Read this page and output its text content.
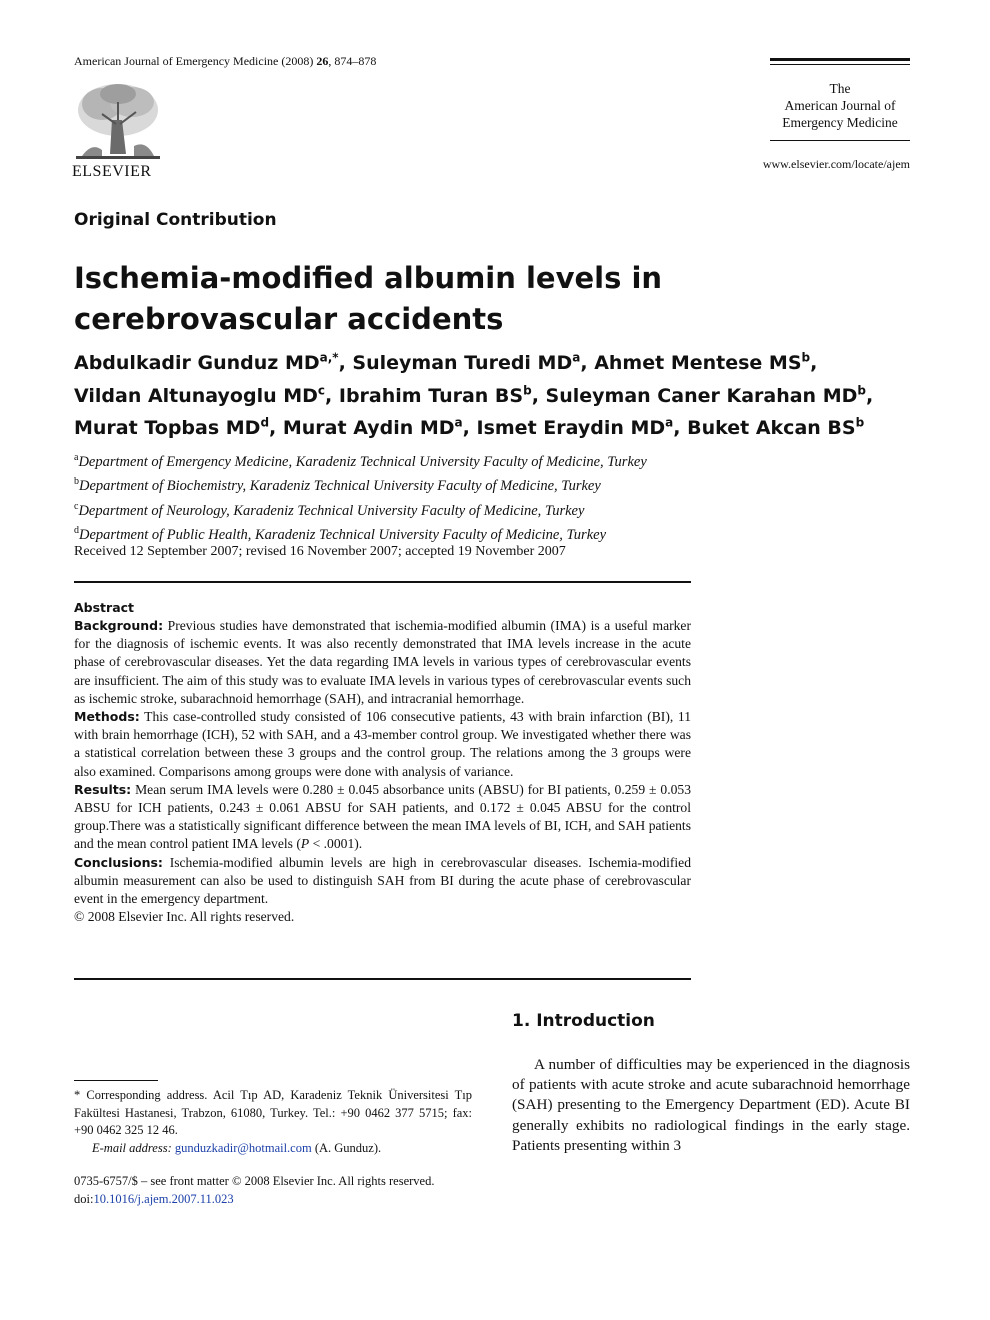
American Journal of Emergency Medicine (2008) 26, 874–878
ELSEVIER
The
American Journal of
Emergency Medicine
www.elsevier.com/locate/ajem
Original Contribution
Ischemia-modified albumin levels in
cerebrovascular accidents
Abdulkadir Gunduz $MD^{a,*}$, Suleyman Turedi $MD^a$, Ahmet Mentese $MS^b$,
Vildan Altunayoglu $MD^c$, Ibrahim Turan $BS^b$, Suleyman Caner Karahan $MD^b$,
Murat Topbas $MD^d$, Murat Aydin $MD^a$, Ismet Eraydin $MD^a$, Buket Akcan $BS^b$
$^a$Department of Emergency Medicine, Karadeniz Technical University Faculty of Medicine, Turkey
$^b$Department of Biochemistry, Karadeniz Technical University Faculty of Medicine, Turkey
$^c$Department of Neurology, Karadeniz Technical University Faculty of Medicine, Turkey
$^d$Department of Public Health, Karadeniz Technical University Faculty of Medicine, Turkey
Received 12 September 2007; revised 16 November 2007; accepted 19 November 2007
Abstract

Background: Previous studies have demonstrated that ischemia-modified albumin (IMA) is a useful marker for the diagnosis of ischemic events. It was also recently demonstrated that IMA levels increase in the acute phase of cerebrovascular diseases. Yet the data regarding IMA levels in various types of cerebrovascular events are insufficient. The aim of this study was to evaluate IMA levels in various types of cerebrovascular events such as ischemic stroke, subarachnoid hemorrhage (SAH), and intracranial hemorrhage.

Methods: This case-controlled study consisted of 106 consecutive patients, 43 with brain infarction (BI), 11 with brain hemorrhage (ICH), 52 with SAH, and a 43-member control group. We investigated whether there was a statistical correlation between these 3 groups and the control group. The relations among the 3 groups were also examined. Comparisons among groups were done with analysis of variance.

Results: Mean serum IMA levels were 0.280 ± 0.045 absorbance units (ABSU) for BI patients, 0.259 ± 0.053 ABSU for ICH patients, 0.243 ± 0.061 ABSU for SAH patients, and 0.172 ± 0.045 ABSU for the control group.There was a statistically significant difference between the mean IMA levels of BI, ICH, and SAH patients and the mean control patient IMA levels (P < .0001).

Conclusions: Ischemia-modified albumin levels are high in cerebrovascular diseases. Ischemia-modified albumin measurement can also be used to distinguish SAH from BI during the acute phase of cerebrovascular event in the emergency department.

© 2008 Elsevier Inc. All rights reserved.

1. Introduction
A number of difficulties may be experienced in the diagnosis of patients with acute stroke and acute subarachnoid hemorrhage (SAH) presenting to the Emergency Department (ED). Acute BI generally exhibits no radiological findings in the early stage. Patients presenting within 3

* Corresponding address. Acil Tıp AD, Karadeniz Teknik Üniversitesi Tıp Fakültesi Hastanesi, Trabzon, 61080, Turkey. Tel.: +90 0462 377 5715; fax: +90 0462 325 12 46.

E-mail address: gunduzkadir@hotmail.com (A. Gunduz).

0735-6757/$ – see front matter © 2008 Elsevier Inc. All rights reserved.

doi:10.1016/j.ajem.2007.11.023
